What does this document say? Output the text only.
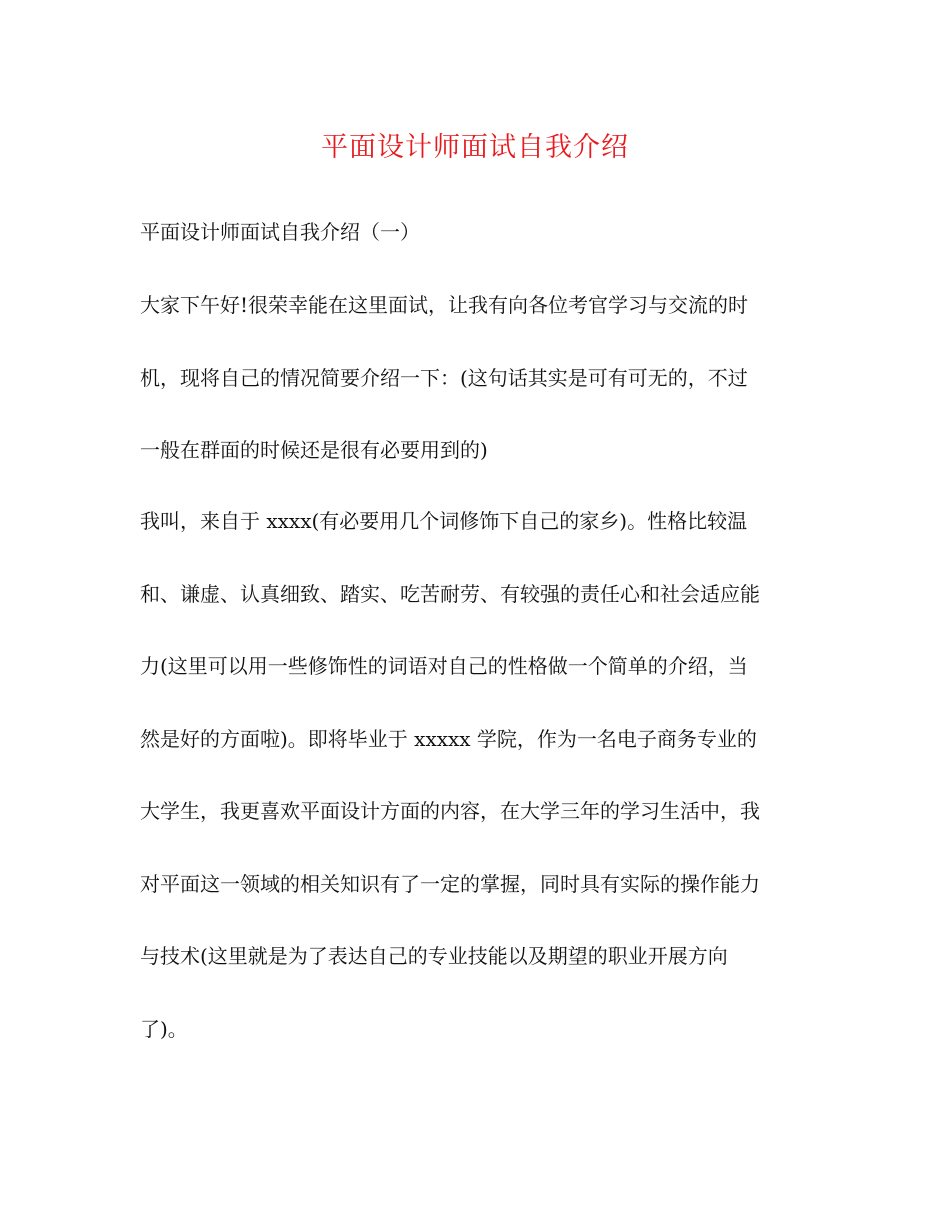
平面设计师面试自我介绍
平面设计师面试自我介绍（一）
大家下午好!很荣幸能在这里面试，让我有向各位考官学习与交流的时
机，现将自己的情况简要介绍一下：(这句话其实是可有可无的，不过
一般在群面的时候还是很有必要用到的)
我叫，来自于 xxxx(有必要用几个词修饰下自己的家乡)。性格比较温
和、谦虚、认真细致、踏实、吃苦耐劳、有较强的责任心和社会适应能
力(这里可以用一些修饰性的词语对自己的性格做一个简单的介绍，当
然是好的方面啦)。即将毕业于 xxxxx 学院，作为一名电子商务专业的
大学生，我更喜欢平面设计方面的内容，在大学三年的学习生活中，我
对平面这一领域的相关知识有了一定的掌握，同时具有实际的操作能力
与技术(这里就是为了表达自己的专业技能以及期望的职业开展方向
了)。
